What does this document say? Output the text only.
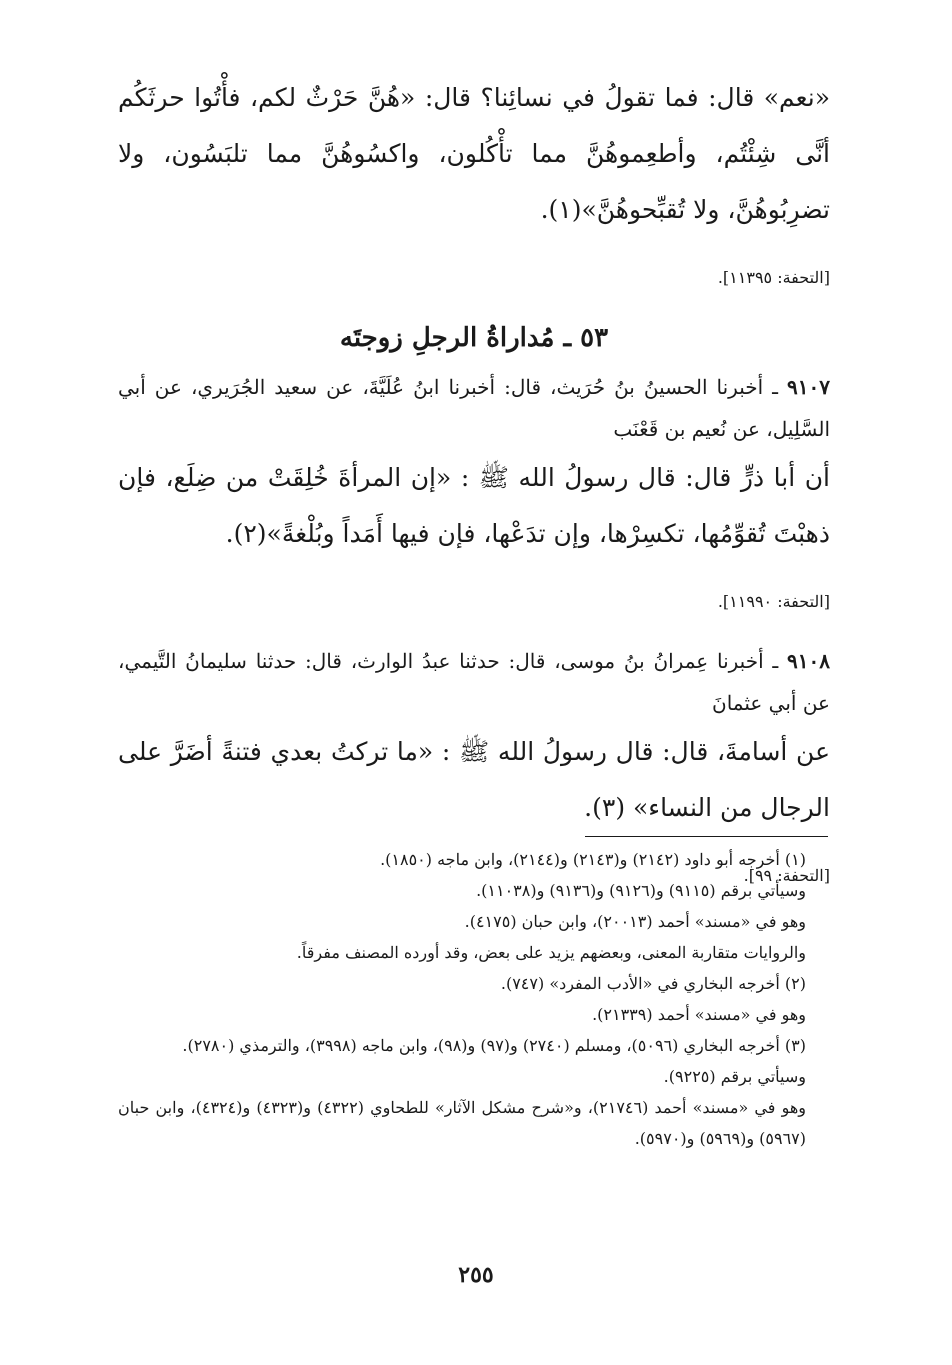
«نعم» قال: فما تقولُ في نسائِنا؟ قال: «هُنَّ حَرْثٌ لكم، فأْتُوا حرثَكُم أنَّى شِئْتُم، وأطعِموهُنَّ مما تأْكُلون، واكسُوهُنَّ مما تلبَسُون، ولا تضرِبُوهُنَّ، ولا تُقبِّحوهُنَّ»(١).

[التحفة: ١١٣٩٥].

٥٣ ـ مُداراةُ الرجلِ زوجتَه

٩١٠٧ ـ أخبرنا الحسينُ بنُ حُرَيث، قال: أخبرنا ابنُ عُلَيَّةَ، عن سعيد الجُرَيري، عن أبي السَّلِيل، عن نُعيم بن قَعْنَب

أن أبا ذرٍّ قال: قال رسولُ الله ﷺ : «إن المرأةَ خُلِقَتْ من ضِلَع، فإن ذهبْتَ تُقوِّمُها، تكسِرْها، وإن تدَعْها، فإن فيها أَمَداً وبُلْغةً»(٢).

[التحفة: ١١٩٩٠].

٩١٠٨ ـ أخبرنا عِمرانُ بنُ موسى، قال: حدثنا عبدُ الوارث، قال: حدثنا سليمانُ التَّيمي، عن أبي عثمانَ

عن أسامةَ، قال: قال رسولُ الله ﷺ : «ما تركتُ بعدي فتنةً أضَرَّ على الرجال من النساء» (٣).

[التحفة: ٩٩].

(١) أخرجه أبو داود (٢١٤٢) و(٢١٤٣) و(٢١٤٤)، وابن ماجه (١٨٥٠).
وسيأتي برقم (٩١١٥) و(٩١٢٦) و(٩١٣٦) و(١١٠٣٨).
وهو في «مسند» أحمد (٢٠٠١٣)، وابن حبان (٤١٧٥).
والروايات متقاربة المعنى، وبعضهم يزيد على بعض، وقد أورده المصنف مفرقاً.
(٢) أخرجه البخاري في «الأدب المفرد» (٧٤٧).
وهو في «مسند» أحمد (٢١٣٣٩).
(٣) أخرجه البخاري (٥٠٩٦)، ومسلم (٢٧٤٠) و(٩٧) و(٩٨)، وابن ماجه (٣٩٩٨)، والترمذي (٢٧٨٠).
وسيأتي برقم (٩٢٢٥).
وهو في «مسند» أحمد (٢١٧٤٦)، و«شرح مشكل الآثار» للطحاوي (٤٣٢٢) و(٤٣٢٣) و(٤٣٢٤)، وابن حبان (٥٩٦٧) و(٥٩٦٩) و(٥٩٧٠).
٢٥٥
